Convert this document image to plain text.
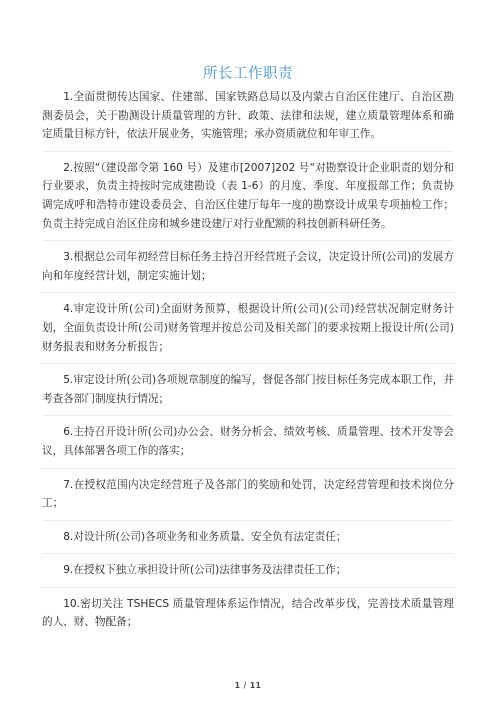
所长工作职责

1.全面贯彻传达国家、住建部、国家铁路总局以及内蒙古自治区住建厅、自治区勘测委员会，关于勘测设计质量管理的方针、政策、法律和法规，建立质量管理体系和确定质量目标方针，依法开展业务，实施管理；承办资质就位和年审工作。

2.按照“（建设部令第 160 号）及建市[2007]202 号“对勘察设计企业职责的划分和行业要求，负责主持按时完成建勘设（表 1-6）的月度、季度、年度报部工作；负责协调完成呼和浩特市建设委员会、自治区住建厅每年一度的勘察设计成果专项抽检工作；负责主持完成自治区住房和城乡建设建厅对行业配额的科技创新科研任务。

3.根据总公司年初经营目标任务主持召开经营班子会议，决定设计所(公司)的发展方向和年度经营计划，制定实施计划；

4.审定设计所(公司)全面财务预算，根据设计所(公司)(公司)经营状况制定财务计划，全面负责设计所(公司)财务管理并按总公司及相关部门的要求按期上报设计所(公司)财务报表和财务分析报告；

5.审定设计所(公司)各项规章制度的编写，督促各部门按目标任务完成本职工作，并考查各部门制度执行情况；

6.主持召开设计所(公司)办公会、财务分析会、绩效考核、质量管理、技术开发等会议，具体部署各项工作的落实；

7.在授权范围内决定经营班子及各部门的奖励和处罚，决定经营管理和技术岗位分工；

8.对设计所(公司)各项业务和业务质量、安全负有法定责任；

9.在授权下独立承担设计所(公司)法律事务及法律责任工作；

10.密切关注 TSHECS 质量管理体系运作情况，结合改革步伐，完善技术质量管理的人、财、物配备；

1 / 11
